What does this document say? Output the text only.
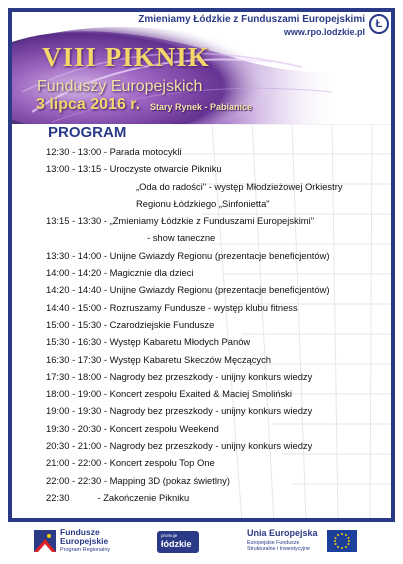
Zmieniamy Łódzkie z Funduszami Europejskimi
www.rpo.lodzkie.pl
Ł
VIII PIKNIK
Funduszy Europejskich
3 lipca 2016 r. Stary Rynek - Pabianice
PROGRAM
12:30 - 13:00 - Parada motocykli
13:00 - 13:15 - Uroczyste otwarcie Pikniku
„Oda do radości" - występ Młodzieżowej Orkiestry
Regionu Łódzkiego „Sinfonietta"
13:15 - 13:30 - „Zmieniamy Łódzkie z Funduszami Europejskimi"
- show taneczne
13:30 - 14:00 - Unijne Gwiazdy Regionu (prezentacje beneficjentów)
14:00 - 14:20 - Magicznie dla dzieci
14:20 - 14:40 - Unijne Gwiazdy Regionu (prezentacje beneficjentów)
14:40 - 15:00 - Rozruszamy Fundusze - występ klubu fitness
15:00 - 15:30 - Czarodziejskie Fundusze
15:30 - 16:30 - Występ Kabaretu Młodych Panów
16:30 - 17:30 - Występ Kabaretu Skeczów Męczących
17:30 - 18:00 - Nagrody bez przeszkody - unijny konkurs wiedzy
18:00 - 19:00 - Koncert zespołu Exaited & Maciej Smoliński
19:00 - 19:30 - Nagrody bez przeszkody - unijny konkurs wiedzy
19:30 - 20:30 - Koncert zespołu Weekend
20:30 - 21:00 - Nagrody bez przeszkody - unijny konkurs wiedzy
21:00 - 22:00 - Koncert zespołu Top One
22:00 - 22:30 - Mapping 3D (pokaz świetlny)
22:30	- Zakończenie Pikniku
Fundusze
Europejskie
Program Regionalny
promuje
łódzkie
Unia Europejska
Europejskie Fundusze
Strukturalne i Inwestycyjne
